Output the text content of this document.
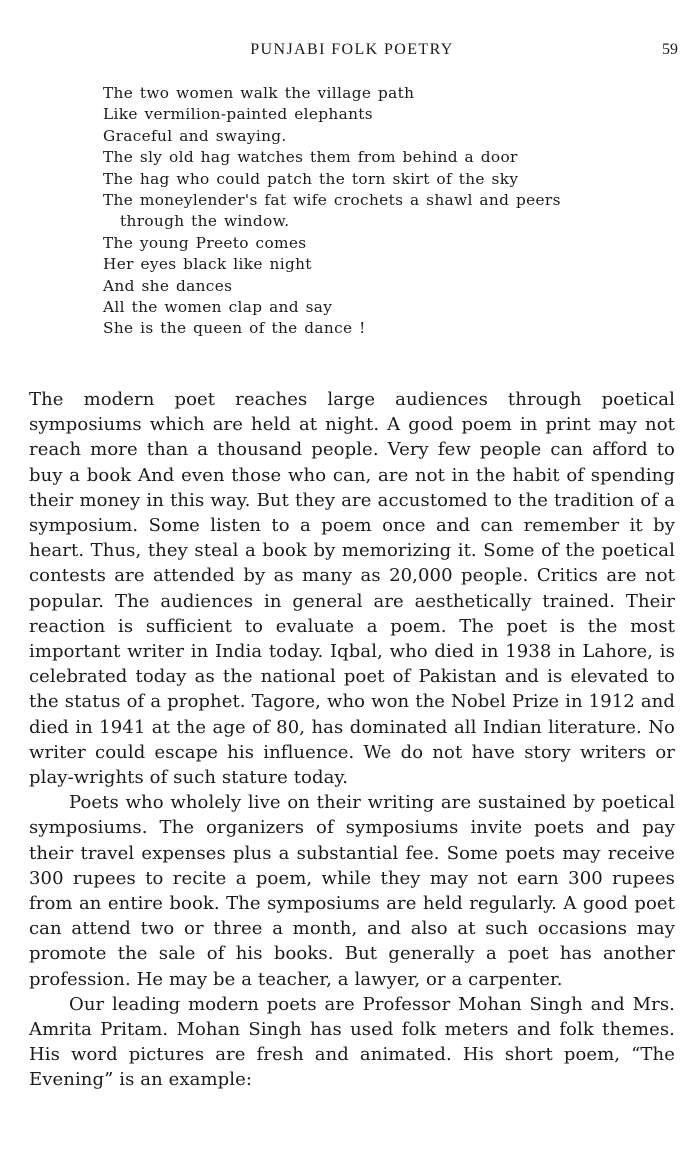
PUNJABI FOLK POETRY	59
The two women walk the village path
Like vermilion-painted elephants
Graceful and swaying.
The sly old hag watches them from behind a door
The hag who could patch the torn skirt of the sky
The moneylender's fat wife crochets a shawl and peers
through the window.
The young Preeto comes
Her eyes black like night
And she dances
All the women clap and say
She is the queen of the dance !

The modern poet reaches large audiences through poetical symposiums which are held at night. A good poem in print may not reach more than a thousand people. Very few people can afford to buy a book And even those who can, are not in the habit of spending their money in this way. But they are accustomed to the tradition of a symposium. Some listen to a poem once and can remember it by heart. Thus, they steal a book by memorizing it. Some of the poetical contests are attended by as many as 20,000 people. Critics are not popular. The audiences in general are aesthetically trained. Their reaction is sufficient to evaluate a poem. The poet is the most important writer in India today. Iqbal, who died in 1938 in Lahore, is celebrated today as the national poet of Pakistan and is elevated to the status of a prophet. Tagore, who won the Nobel Prize in 1912 and died in 1941 at the age of 80, has dominated all Indian literature. No writer could escape his influence. We do not have story writers or play-wrights of such stature today.

Poets who wholely live on their writing are sustained by poetical symposiums. The organizers of symposiums invite poets and pay their travel expenses plus a substantial fee. Some poets may receive 300 rupees to recite a poem, while they may not earn 300 rupees from an entire book. The symposiums are held regularly. A good poet can attend two or three a month, and also at such occasions may promote the sale of his books. But generally a poet has another profession. He may be a teacher, a lawyer, or a carpenter.

Our leading modern poets are Professor Mohan Singh and Mrs. Amrita Pritam. Mohan Singh has used folk meters and folk themes. His word pictures are fresh and animated. His short poem, “The Evening” is an example:
